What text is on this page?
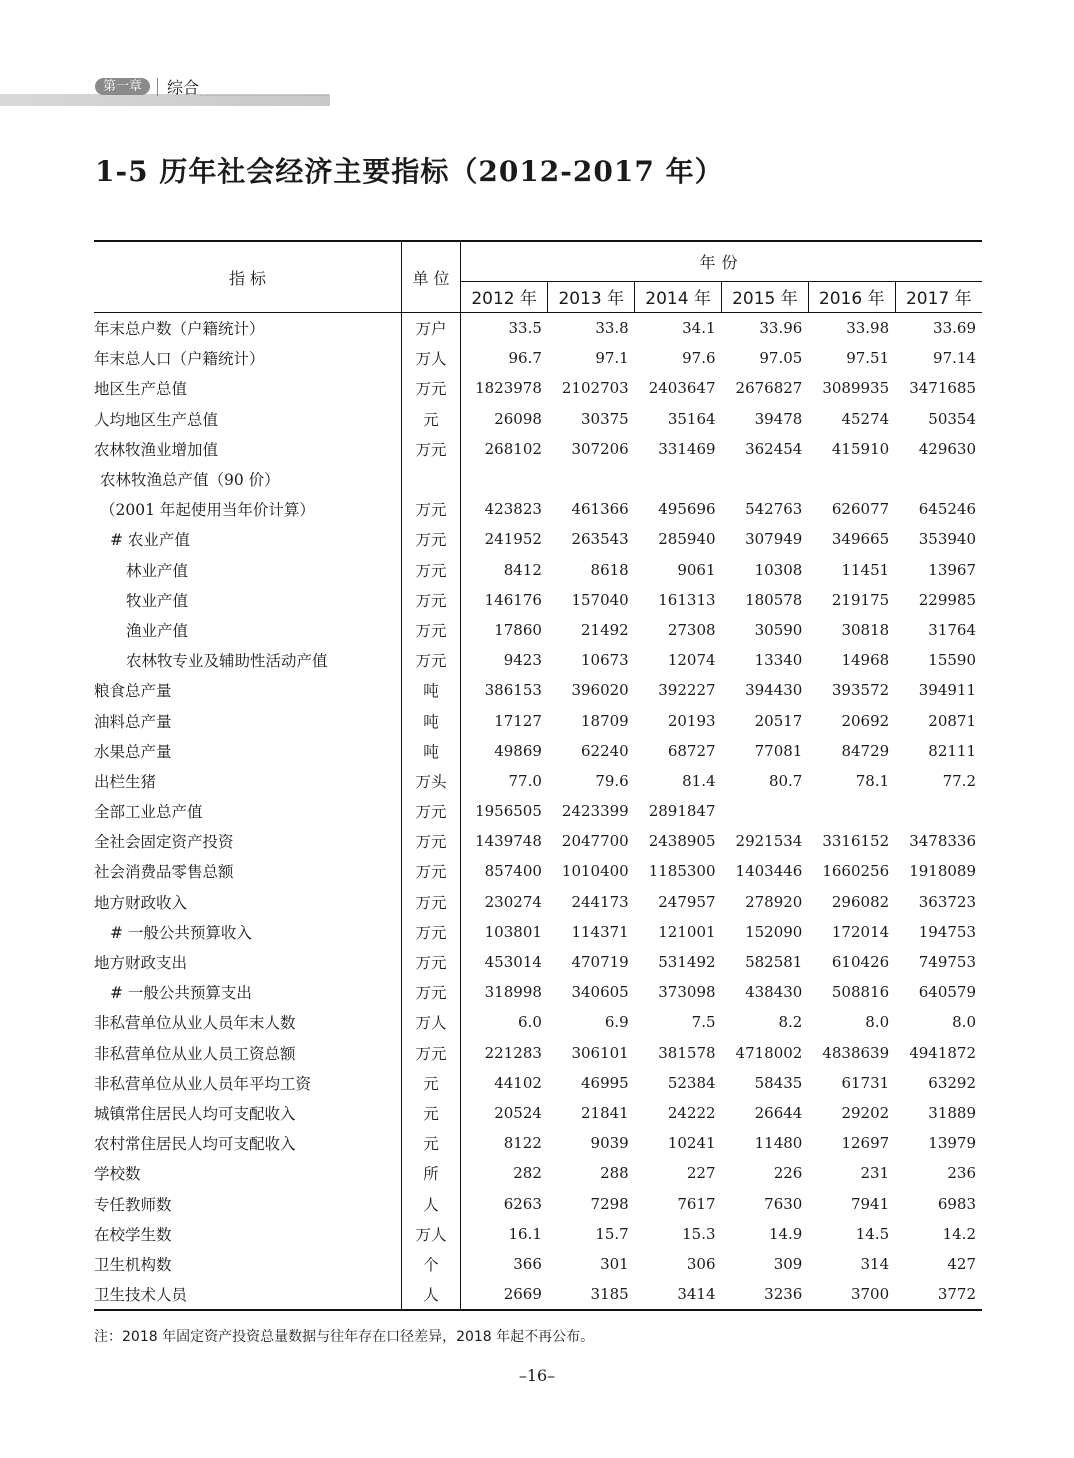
第一章	综合
1-5 历年社会经济主要指标（2012-2017 年）
指 标	单 位	年份					
		2012 年	2013 年	2014 年	2015 年	2016 年	2017 年
年末总户数（户籍统计）	万户	33.5	33.8	34.1	33.96	33.98	33.69
年末总人口（户籍统计）	万人	96.7	97.1	97.6	97.05	97.51	97.14
地区生产总值	万元	1823978	2102703	2403647	2676827	3089935	3471685
人均地区生产总值	元	26098	30375	35164	39478	45274	50354
农林牧渔业增加值	万元	268102	307206	331469	362454	415910	429630
农林牧渔总产值（90 价）							
（2001 年起使用当年价计算）	万元	423823	461366	495696	542763	626077	645246
# 农业产值	万元	241952	263543	285940	307949	349665	353940
林业产值	万元	8412	8618	9061	10308	11451	13967
牧业产值	万元	146176	157040	161313	180578	219175	229985
渔业产值	万元	17860	21492	27308	30590	30818	31764
农林牧专业及辅助性活动产值	万元	9423	10673	12074	13340	14968	15590
粮食总产量	吨	386153	396020	392227	394430	393572	394911
油料总产量	吨	17127	18709	20193	20517	20692	20871
水果总产量	吨	49869	62240	68727	77081	84729	82111
出栏生猪	万头	77.0	79.6	81.4	80.7	78.1	77.2
全部工业总产值	万元	1956505	2423399	2891847			
全社会固定资产投资	万元	1439748	2047700	2438905	2921534	3316152	3478336
社会消费品零售总额	万元	857400	1010400	1185300	1403446	1660256	1918089
地方财政收入	万元	230274	244173	247957	278920	296082	363723
# 一般公共预算收入	万元	103801	114371	121001	152090	172014	194753
地方财政支出	万元	453014	470719	531492	582581	610426	749753
# 一般公共预算支出	万元	318998	340605	373098	438430	508816	640579
非私营单位从业人员年末人数	万人	6.0	6.9	7.5	8.2	8.0	8.0
非私营单位从业人员工资总额	万元	221283	306101	381578	4718002	4838639	4941872
非私营单位从业人员年平均工资	元	44102	46995	52384	58435	61731	63292
城镇常住居民人均可支配收入	元	20524	21841	24222	26644	29202	31889
农村常住居民人均可支配收入	元	8122	9039	10241	11480	12697	13979
学校数	所	282	288	227	226	231	236
专任教师数	人	6263	7298	7617	7630	7941	6983
在校学生数	万人	16.1	15.7	15.3	14.9	14.5	14.2
卫生机构数	个	366	301	306	309	314	427
卫生技术人员	人	2669	3185	3414	3236	3700	3772
注：2018 年固定资产投资总量数据与往年存在口径差异，2018 年起不再公布。
–16–
